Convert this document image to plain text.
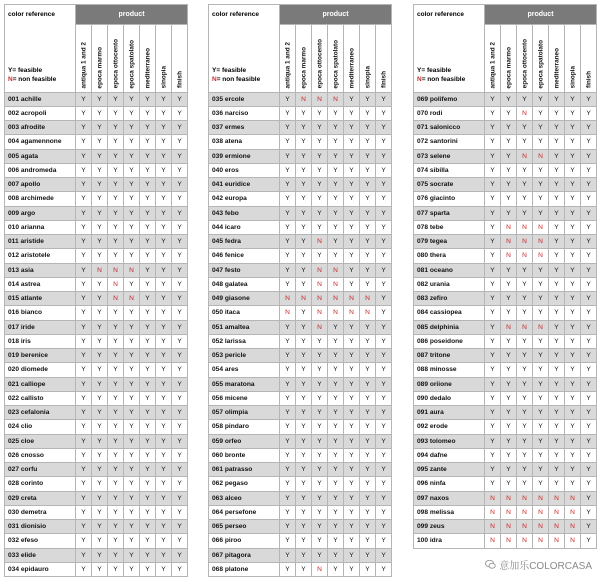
color reference	product						
Y= feasible
N= non feasible	antiqua 1 and 2	epoca marmo	epoca ottocento	epoca spatolato	mediterraneo	sinopia	finish

001 achille	Y	Y	Y	Y	Y	Y	Y
002 acropoli	Y	Y	Y	Y	Y	Y	Y
003 afrodite	Y	Y	Y	Y	Y	Y	Y
004 agamennone	Y	Y	Y	Y	Y	Y	Y
005 agata	Y	Y	Y	Y	Y	Y	Y
006 andromeda	Y	Y	Y	Y	Y	Y	Y
007 apollo	Y	Y	Y	Y	Y	Y	Y
008 archimede	Y	Y	Y	Y	Y	Y	Y
009 argo	Y	Y	Y	Y	Y	Y	Y
010 arianna	Y	Y	Y	Y	Y	Y	Y
011 aristide	Y	Y	Y	Y	Y	Y	Y
012 aristotele	Y	Y	Y	Y	Y	Y	Y
013 asia	Y	N	N	N	Y	Y	Y
014 astrea	Y	Y	N	Y	Y	Y	Y
015 atlante	Y	Y	N	N	Y	Y	Y
016 bianco	Y	Y	Y	Y	Y	Y	Y
017 iride	Y	Y	Y	Y	Y	Y	Y
018 iris	Y	Y	Y	Y	Y	Y	Y
019 berenice	Y	Y	Y	Y	Y	Y	Y
020 diomede	Y	Y	Y	Y	Y	Y	Y
021 calliope	Y	Y	Y	Y	Y	Y	Y
022 callisto	Y	Y	Y	Y	Y	Y	Y
023 cefalonia	Y	Y	Y	Y	Y	Y	Y
024 clio	Y	Y	Y	Y	Y	Y	Y
025 cloe	Y	Y	Y	Y	Y	Y	Y
026 cnosso	Y	Y	Y	Y	Y	Y	Y
027 corfu	Y	Y	Y	Y	Y	Y	Y
028 corinto	Y	Y	Y	Y	Y	Y	Y
029 creta	Y	Y	Y	Y	Y	Y	Y
030 demetra	Y	Y	Y	Y	Y	Y	Y
031 dionisio	Y	Y	Y	Y	Y	Y	Y
032 efeso	Y	Y	Y	Y	Y	Y	Y
033 elide	Y	Y	Y	Y	Y	Y	Y
034 epidauro	Y	Y	Y	Y	Y	Y	Y
color reference	product						
Y= feasible
N= non feasible	antiqua 1 and 2	epoca marmo	epoca ottocento	epoca spatolato	mediterraneo	sinopia	finish

035 ercole	Y	N	N	N	Y	Y	Y
036 narciso	Y	Y	Y	Y	Y	Y	Y
037 ermes	Y	Y	Y	Y	Y	Y	Y
038 atena	Y	Y	Y	Y	Y	Y	Y
039 ermione	Y	Y	Y	Y	Y	Y	Y
040 eros	Y	Y	Y	Y	Y	Y	Y
041 euridice	Y	Y	Y	Y	Y	Y	Y
042 europa	Y	Y	Y	Y	Y	Y	Y
043 febo	Y	Y	Y	Y	Y	Y	Y
044 icaro	Y	Y	Y	Y	Y	Y	Y
045 fedra	Y	Y	N	Y	Y	Y	Y
046 fenice	Y	Y	Y	Y	Y	Y	Y
047 festo	Y	Y	N	N	Y	Y	Y
048 galatea	Y	Y	N	N	Y	Y	Y
049 giasone	N	N	N	N	N	N	Y
050 itaca	N	Y	N	N	N	N	Y
051 amaltea	Y	Y	N	Y	Y	Y	Y
052 larissa	Y	Y	Y	Y	Y	Y	Y
053 pericle	Y	Y	Y	Y	Y	Y	Y
054 ares	Y	Y	Y	Y	Y	Y	Y
055 maratona	Y	Y	Y	Y	Y	Y	Y
056 micene	Y	Y	Y	Y	Y	Y	Y
057 olimpia	Y	Y	Y	Y	Y	Y	Y
058 pindaro	Y	Y	Y	Y	Y	Y	Y
059 orfeo	Y	Y	Y	Y	Y	Y	Y
060 bronte	Y	Y	Y	Y	Y	Y	Y
061 patrasso	Y	Y	Y	Y	Y	Y	Y
062 pegaso	Y	Y	Y	Y	Y	Y	Y
063 alceo	Y	Y	Y	Y	Y	Y	Y
064 persefone	Y	Y	Y	Y	Y	Y	Y
065 perseo	Y	Y	Y	Y	Y	Y	Y
066 piroo	Y	Y	Y	Y	Y	Y	Y
067 pitagora	Y	Y	Y	Y	Y	Y	Y
068 platone	Y	Y	N	Y	Y	Y	Y
color reference	product						
Y= feasible
N= non feasible	antiqua 1 and 2	epoca marmo	epoca ottocento	epoca spatolato	mediterraneo	sinopia	finish

069 polifemo	Y	Y	Y	Y	Y	Y	Y
070 rodi	Y	Y	N	Y	Y	Y	Y
071 salonicco	Y	Y	Y	Y	Y	Y	Y
072 santorini	Y	Y	Y	Y	Y	Y	Y
073 selene	Y	Y	N	N	Y	Y	Y
074 sibilla	Y	Y	Y	Y	Y	Y	Y
075 socrate	Y	Y	Y	Y	Y	Y	Y
076 giacinto	Y	Y	Y	Y	Y	Y	Y
077 sparta	Y	Y	Y	Y	Y	Y	Y
078 tebe	Y	N	N	N	Y	Y	Y
079 tegea	Y	N	N	N	Y	Y	Y
080 thera	Y	N	N	N	Y	Y	Y
081 oceano	Y	Y	Y	Y	Y	Y	Y
082 urania	Y	Y	Y	Y	Y	Y	Y
083 zefiro	Y	Y	Y	Y	Y	Y	Y
084 cassiopea	Y	Y	Y	Y	Y	Y	Y
085 delphinia	Y	N	N	N	Y	Y	Y
086 poseidone	Y	Y	Y	Y	Y	Y	Y
087 tritone	Y	Y	Y	Y	Y	Y	Y
088 minosse	Y	Y	Y	Y	Y	Y	Y
089 oriione	Y	Y	Y	Y	Y	Y	Y
090 dedalo	Y	Y	Y	Y	Y	Y	Y
091 aura	Y	Y	Y	Y	Y	Y	Y
092 erode	Y	Y	Y	Y	Y	Y	Y
093 tolomeo	Y	Y	Y	Y	Y	Y	Y
094 dafne	Y	Y	Y	Y	Y	Y	Y
095 zante	Y	Y	Y	Y	Y	Y	Y
096 ninfa	Y	Y	Y	Y	Y	Y	Y
097 naxos	N	N	N	N	N	N	Y
098 melissa	N	N	N	N	N	N	Y
099 zeus	N	N	N	N	N	N	Y
100 idra	N	N	N	N	N	N	Y
意加乐COLORCASA
